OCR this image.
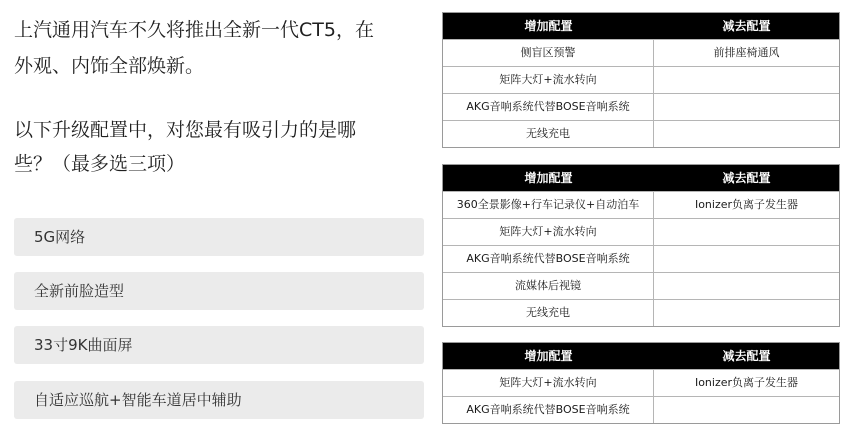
上汽通用汽车不久将推出全新一代CT5，在
外观、内饰全部焕新。
以下升级配置中，对您最有吸引力的是哪
些？（最多选三项）
5G网络
全新前脸造型
33寸9K曲面屏
自适应巡航+智能车道居中辅助
增加配置	减去配置
侧盲区预警	前排座椅通风
矩阵大灯+流水转向
AKG音响系统代替BOSE音响系统
无线充电
增加配置	减去配置
360全景影像+行车记录仪+自动泊车	Ionizer负离子发生器
矩阵大灯+流水转向
AKG音响系统代替BOSE音响系统
流媒体后视镜
无线充电
增加配置	减去配置
矩阵大灯+流水转向	Ionizer负离子发生器
AKG音响系统代替BOSE音响系统
